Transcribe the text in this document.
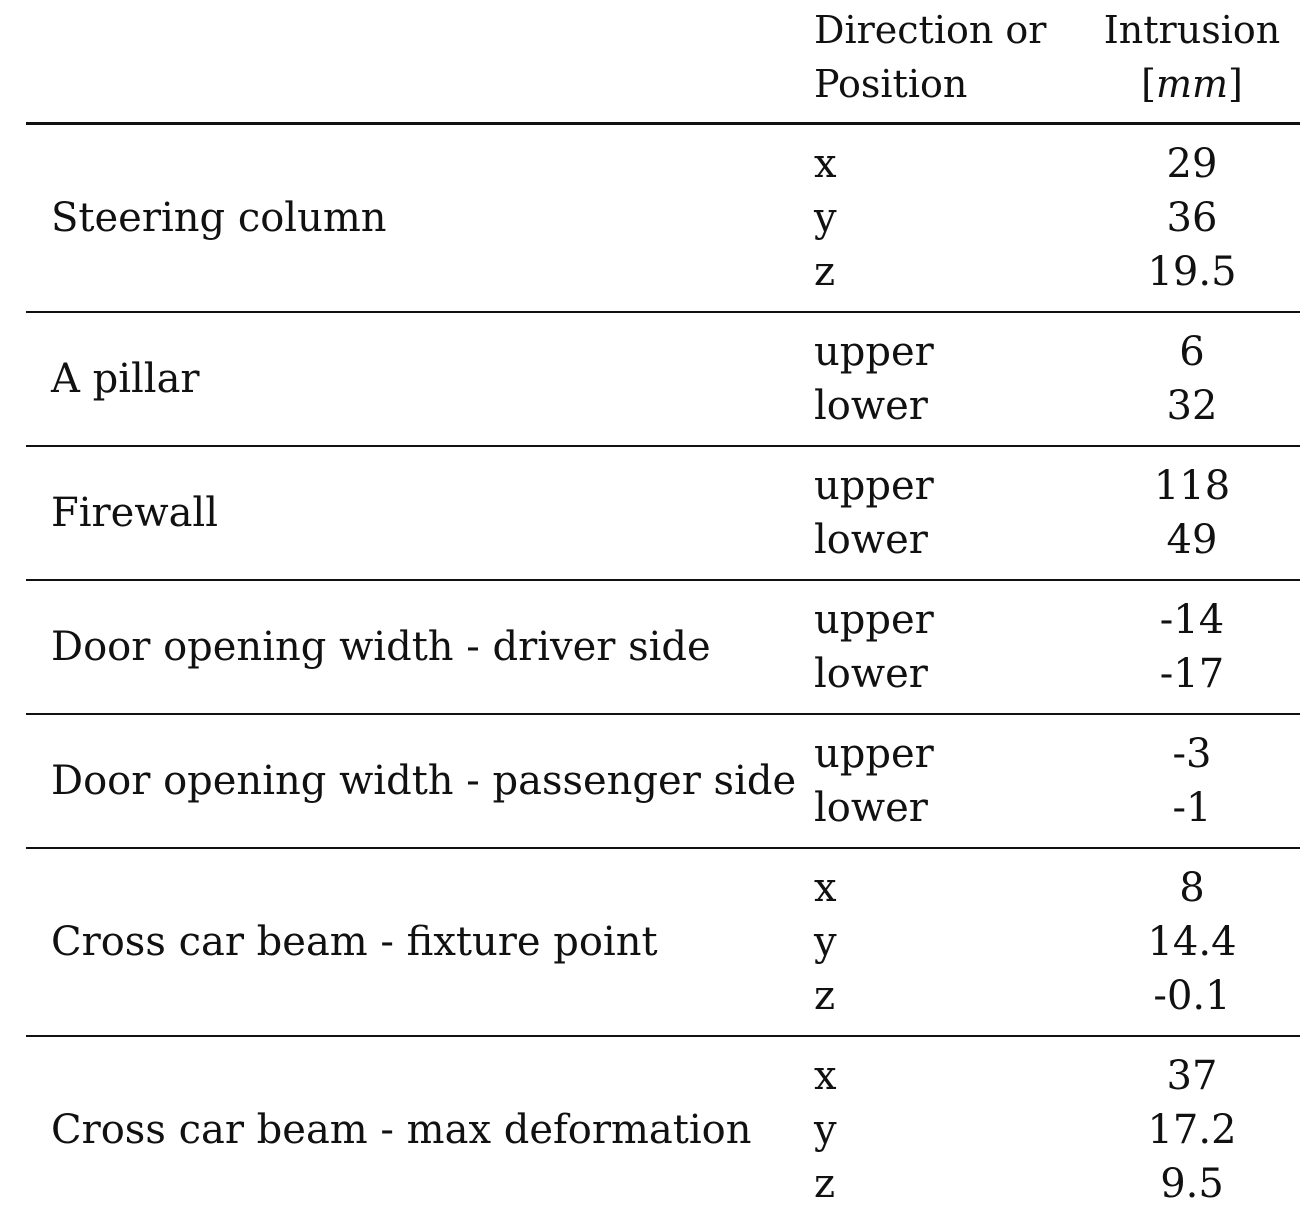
Direction or
Position
Intrusion
[mm]
Steering column
x	29
y	36
z	19.5
A pillar
upper	6
lower	32
Firewall
upper	118
lower	49
Door opening width - driver side
upper	-14
lower	-17
Door opening width - passenger side
upper	-3
lower	-1
Cross car beam - fixture point
x	8
y	14.4
z	-0.1
Cross car beam - max deformation
x	37
y	17.2
z	9.5
